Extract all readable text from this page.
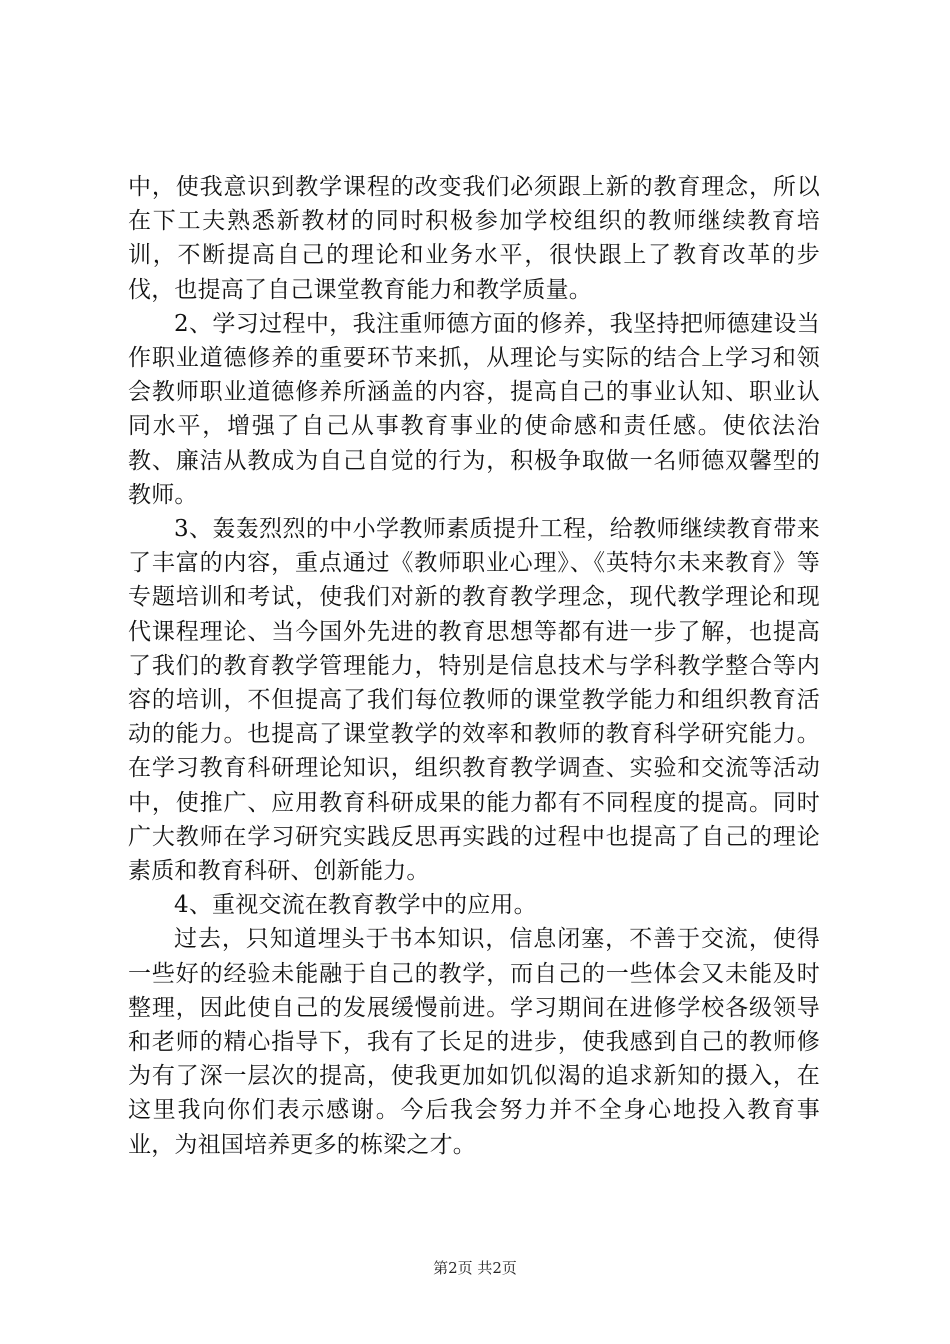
中，使我意识到教学课程的改变我们必须跟上新的教育理念，所以在下工夫熟悉新教材的同时积极参加学校组织的教师继续教育培训，不断提高自己的理论和业务水平，很快跟上了教育改革的步伐，也提高了自己课堂教育能力和教学质量。

2、学习过程中，我注重师德方面的修养，我坚持把师德建设当作职业道德修养的重要环节来抓，从理论与实际的结合上学习和领会教师职业道德修养所涵盖的内容，提高自己的事业认知、职业认同水平，增强了自己从事教育事业的使命感和责任感。使依法治教、廉洁从教成为自己自觉的行为，积极争取做一名师德双馨型的教师。

3、轰轰烈烈的中小学教师素质提升工程，给教师继续教育带来了丰富的内容，重点通过《教师职业心理》、《英特尔未来教育》等专题培训和考试，使我们对新的教育教学理念，现代教学理论和现代课程理论、当今国外先进的教育思想等都有进一步了解，也提高了我们的教育教学管理能力，特别是信息技术与学科教学整合等内容的培训，不但提高了我们每位教师的课堂教学能力和组织教育活动的能力。也提高了课堂教学的效率和教师的教育科学研究能力。在学习教育科研理论知识，组织教育教学调查、实验和交流等活动中，使推广、应用教育科研成果的能力都有不同程度的提高。同时广大教师在学习研究实践反思再实践的过程中也提高了自己的理论素质和教育科研、创新能力。

4、重视交流在教育教学中的应用。

过去，只知道埋头于书本知识，信息闭塞，不善于交流，使得一些好的经验未能融于自己的教学，而自己的一些体会又未能及时整理，因此使自己的发展缓慢前进。学习期间在进修学校各级领导和老师的精心指导下，我有了长足的进步，使我感到自己的教师修为有了深一层次的提高，使我更加如饥似渴的追求新知的摄入，在这里我向你们表示感谢。今后我会努力并不全身心地投入教育事业，为祖国培养更多的栋梁之才。

第2页 共2页
